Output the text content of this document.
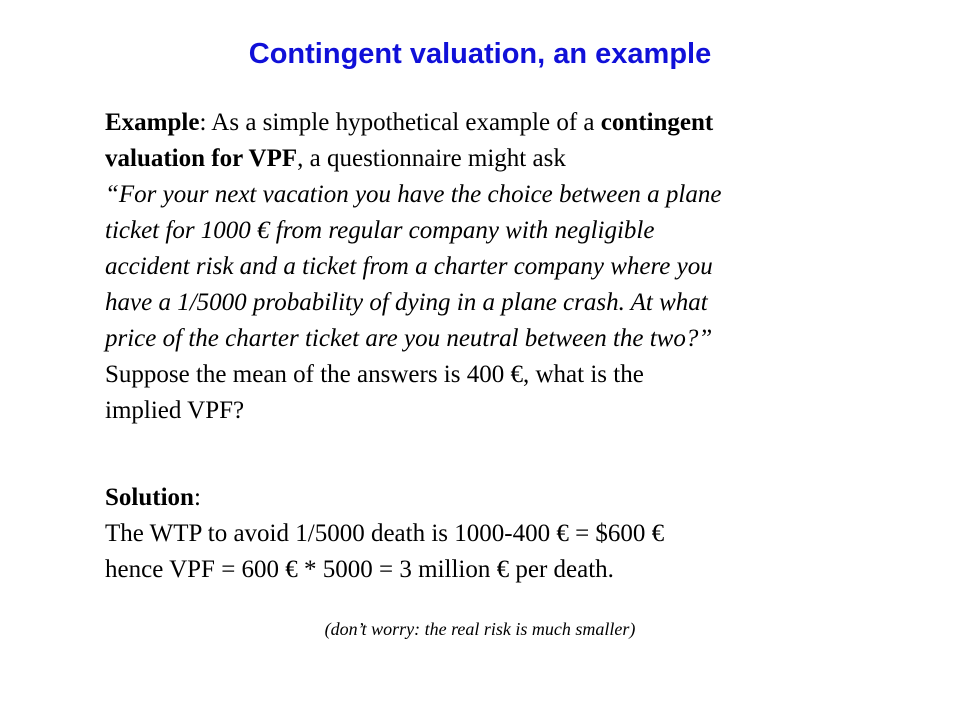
Contingent valuation, an example
Example: As a simple hypothetical example of a contingent
valuation for VPF, a questionnaire might ask
“For your next vacation you have the choice between a plane
ticket for 1000 € from regular company with negligible
accident risk and a ticket from a charter company where you
have a 1/5000 probability of dying in a plane crash. At what
price of the charter ticket are you neutral between the two?”
Suppose the mean of the answers is 400 €, what is the
implied VPF?
Solution:
The WTP to avoid 1/5000 death is 1000-400 € = $600 €
hence VPF = 600 € * 5000 = 3 million € per death.

(don’t worry: the real risk is much smaller)
